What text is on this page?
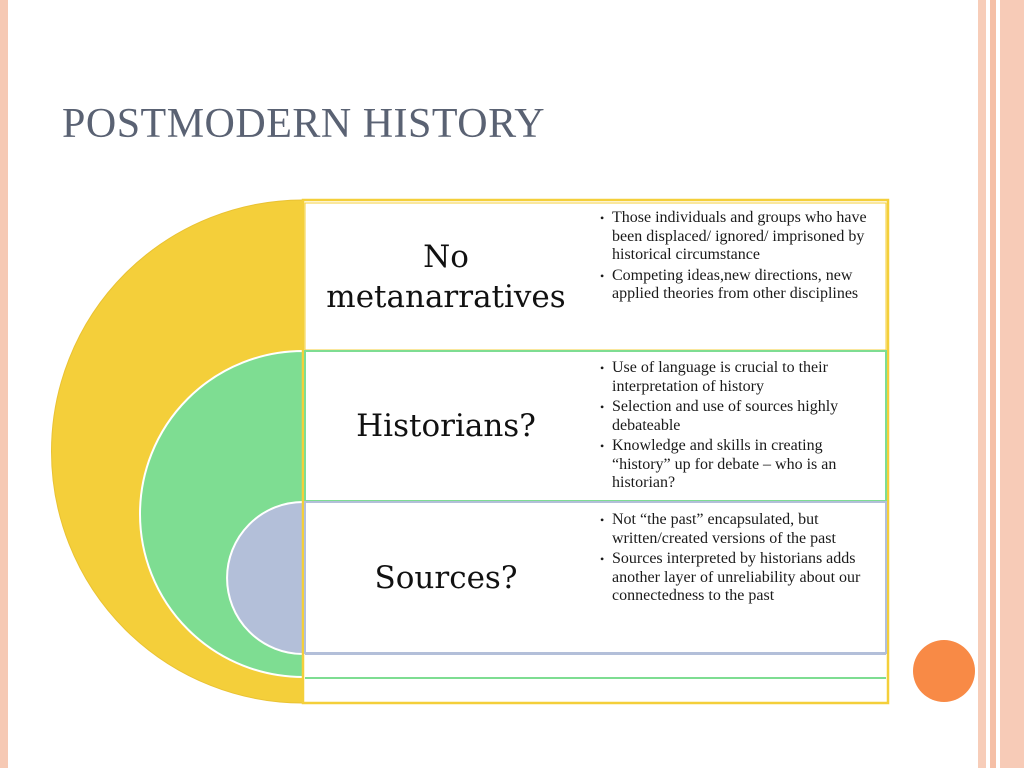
POSTMODERN HISTORY
No metanarratives
• Those individuals and groups who have been displaced/ ignored/ imprisoned by historical circumstance
• Competing ideas,new directions, new applied theories from other disciplines
Historians?
• Use of language is crucial to their interpretation of history
• Selection and use of sources highly debateable
• Knowledge and skills in creating “history” up for debate – who is an historian?
Sources?
• Not “the past” encapsulated, but written/created versions of the past
• Sources interpreted by historians adds another layer of unreliability about our connectedness to the past
